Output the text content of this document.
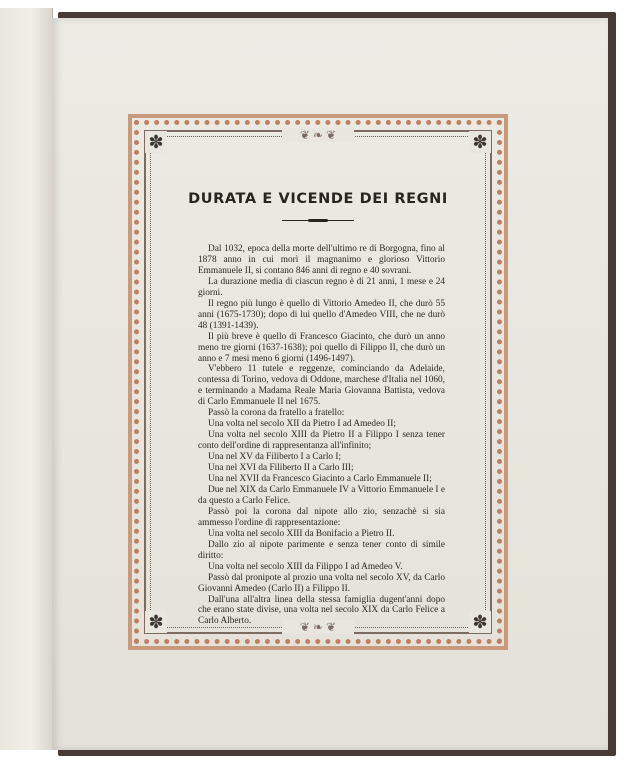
✽	✽
✽	✽
❦ ❧ ❦
❦ ❧ ❦
DURATA E VICENDE DEI REGNI

Dal 1032, epoca della morte dell'ultimo re di Borgogna, fino al 1878 anno in cui morì il magnanimo e glorioso Vittorio Emmanuele II, si contano 846 anni di regno e 40 sovrani.

La durazione media di ciascun regno è di 21 anni, 1 mese e 24 giorni.

Il regno più lungo è quello di Vittorio Amedeo II, che durò 55 anni (1675-1730); dopo di lui quello d'Amedeo VIII, che ne durò 48 (1391-1439).

Il più breve è quello di Francesco Giacinto, che durò un anno meno tre giorni (1637-1638); poi quello di Filippo II, che durò un anno e 7 mesi meno 6 giorni (1496-1497).

V'ebbero 11 tutele e reggenze, cominciando da Adelaide, contessa di Torino, vedova di Oddone, marchese d'Italia nel 1060, e terminando a Madama Reale Maria Giovanna Battista, vedova di Carlo Emmanuele II nel 1675.

Passò la corona da fratello a fratello:

Una volta nel secolo XII da Pietro I ad Amedeo II;

Una volta nel secolo XIII da Pietro II a Filippo I senza tener conto dell'ordine di rappresentanza all'infinito;

Una nel XV da Filiberto I a Carlo I;

Una nel XVI da Filiberto II a Carlo III;

Una nel XVII da Francesco Giacinto a Carlo Emmanuele II;

Due nel XIX da Carlo Emmanuele IV a Vittorio Emmanuele I e da questo a Carlo Felice.

Passò poi la corona dal nipote allo zio, senzachè si sia ammesso l'ordine di rappresentazione:

Una volta nel secolo XIII da Bonifacio a Pietro II.

Dallo zio al nipote parimente e senza tener conto di simile diritto:

Una volta nel secolo XIII da Filippo I ad Amedeo V.

Passò dal pronipote al prozio una volta nel secolo XV, da Carlo Giovanni Amedeo (Carlo II) a Filippo II.

Dall'una all'altra linea della stessa famiglia dugent'anni dopo che erano state divise, una volta nel secolo XIX da Carlo Felice a Carlo Alberto.
